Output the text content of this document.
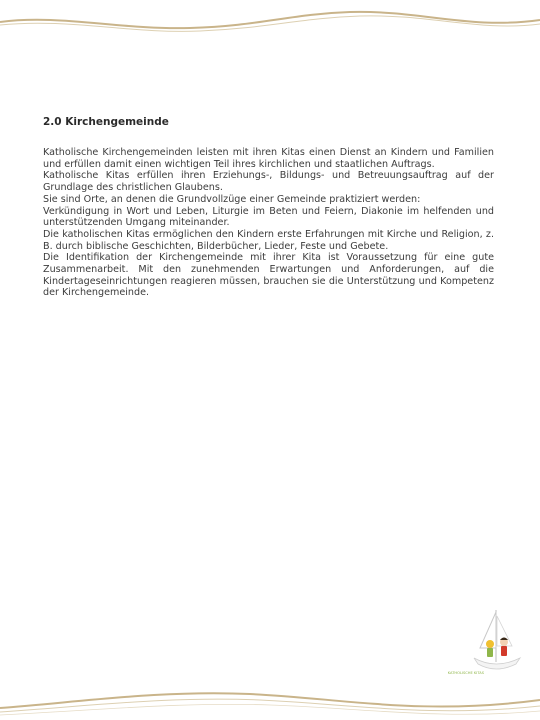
2.0 Kirchengemeinde

Katholische Kirchengemeinden leisten mit ihren Kitas einen Dienst an Kindern und Familien und erfüllen damit einen wichtigen Teil ihres kirchlichen und staatlichen Auftrags.

Katholische Kitas erfüllen ihren Erziehungs-, Bildungs- und Betreuungsauftrag auf der Grundlage des christlichen Glaubens.

Sie sind Orte, an denen die Grundvollzüge einer Gemeinde praktiziert werden:

Verkündigung in Wort und Leben, Liturgie im Beten und Feiern, Diakonie im helfenden und unterstützenden Umgang miteinander.

Die katholischen Kitas ermöglichen den Kindern erste Erfahrungen mit Kirche und Religion, z. B. durch biblische Geschichten, Bilderbücher, Lieder, Feste und Gebete.

Die Identifikation der Kirchengemeinde mit ihrer Kita ist Voraussetzung für eine gute Zusammenarbeit. Mit den zunehmenden Erwartungen und Anforderungen, auf die Kindertageseinrichtungen reagieren müssen, brauchen sie die Unterstützung und Kompetenz der Kirchengemeinde.

KATHOLISCHE KITAS
